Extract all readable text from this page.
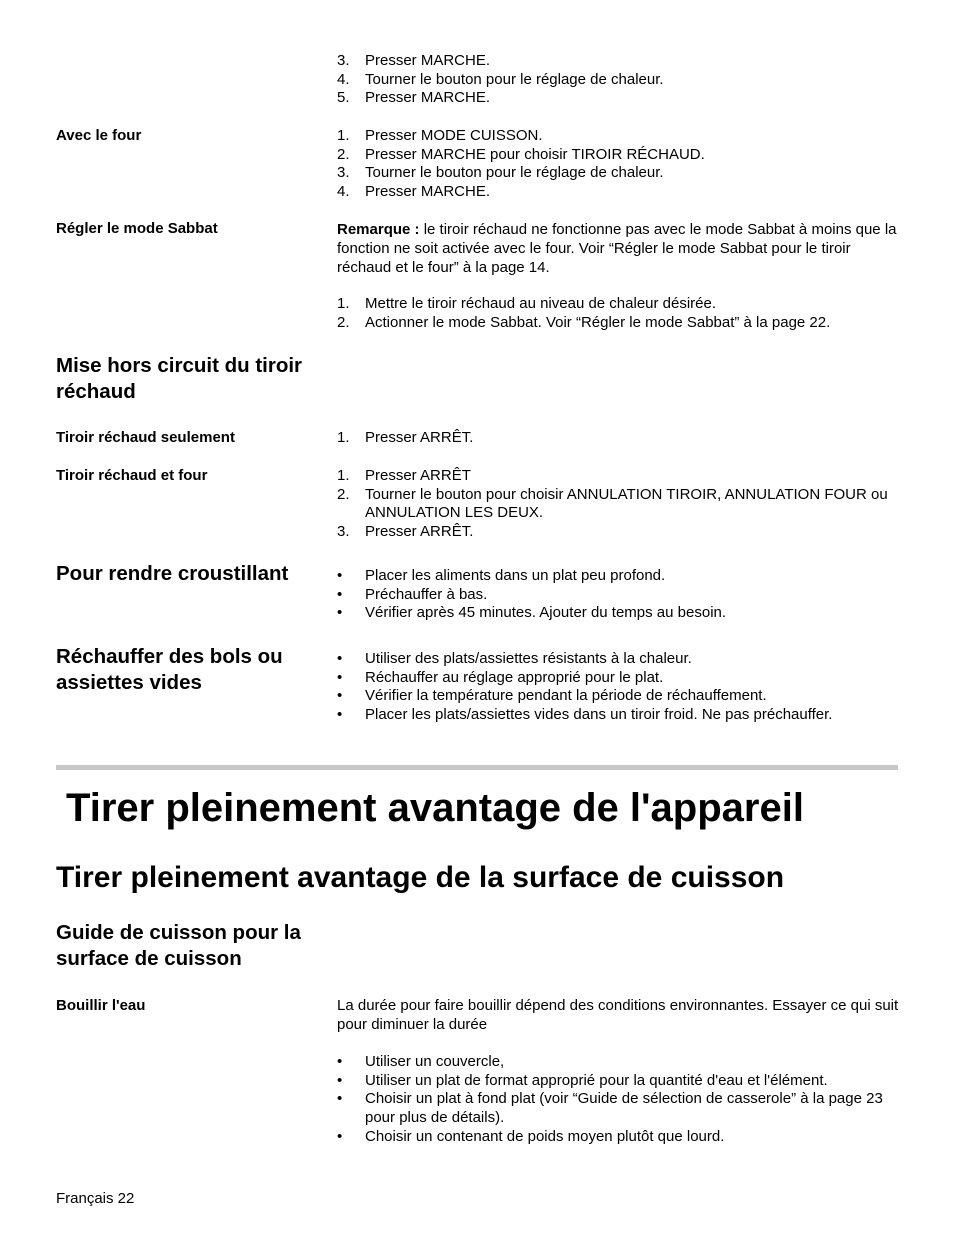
3. Presser MARCHE.
4. Tourner le bouton pour le réglage de chaleur.
5. Presser MARCHE.
Avec le four	1. Presser MODE CUISSON.
2. Presser MARCHE pour choisir TIROIR RÉCHAUD.
3. Tourner le bouton pour le réglage de chaleur.
4. Presser MARCHE.
Régler le mode Sabbat	Remarque : le tiroir réchaud ne fonctionne pas avec le mode Sabbat à moins que la fonction ne soit activée avec le four. Voir “Régler le mode Sabbat pour le tiroir réchaud et le four” à la page 14.

1. Mettre le tiroir réchaud au niveau de chaleur désirée.
2. Actionner le mode Sabbat. Voir “Régler le mode Sabbat” à la page 22.
Mise hors circuit du tiroir réchaud
Tiroir réchaud seulement	1. Presser ARRÊT.
Tiroir réchaud et four	1. Presser ARRÊT
2. Tourner le bouton pour choisir ANNULATION TIROIR, ANNULATION FOUR ou ANNULATION LES DEUX.
3. Presser ARRÊT.
Pour rendre croustillant	• Placer les aliments dans un plat peu profond.
• Préchauffer à bas.
• Vérifier après 45 minutes. Ajouter du temps au besoin.
Réchauffer des bols ou assiettes vides
• Utiliser des plats/assiettes résistants à la chaleur.
• Réchauffer au réglage approprié pour le plat.
• Vérifier la température pendant la période de réchauffement.
• Placer les plats/assiettes vides dans un tiroir froid. Ne pas préchauffer.
Tirer pleinement avantage de l'appareil
Tirer pleinement avantage de la surface de cuisson
Guide de cuisson pour la surface de cuisson
Bouillir l'eau	La durée pour faire bouillir dépend des conditions environnantes. Essayer ce qui suit pour diminuer la durée

• Utiliser un couvercle,
• Utiliser un plat de format approprié pour la quantité d'eau et l'élément.
• Choisir un plat à fond plat (voir “Guide de sélection de casserole” à la page 23 pour plus de détails).
• Choisir un contenant de poids moyen plutôt que lourd.
Français 22
